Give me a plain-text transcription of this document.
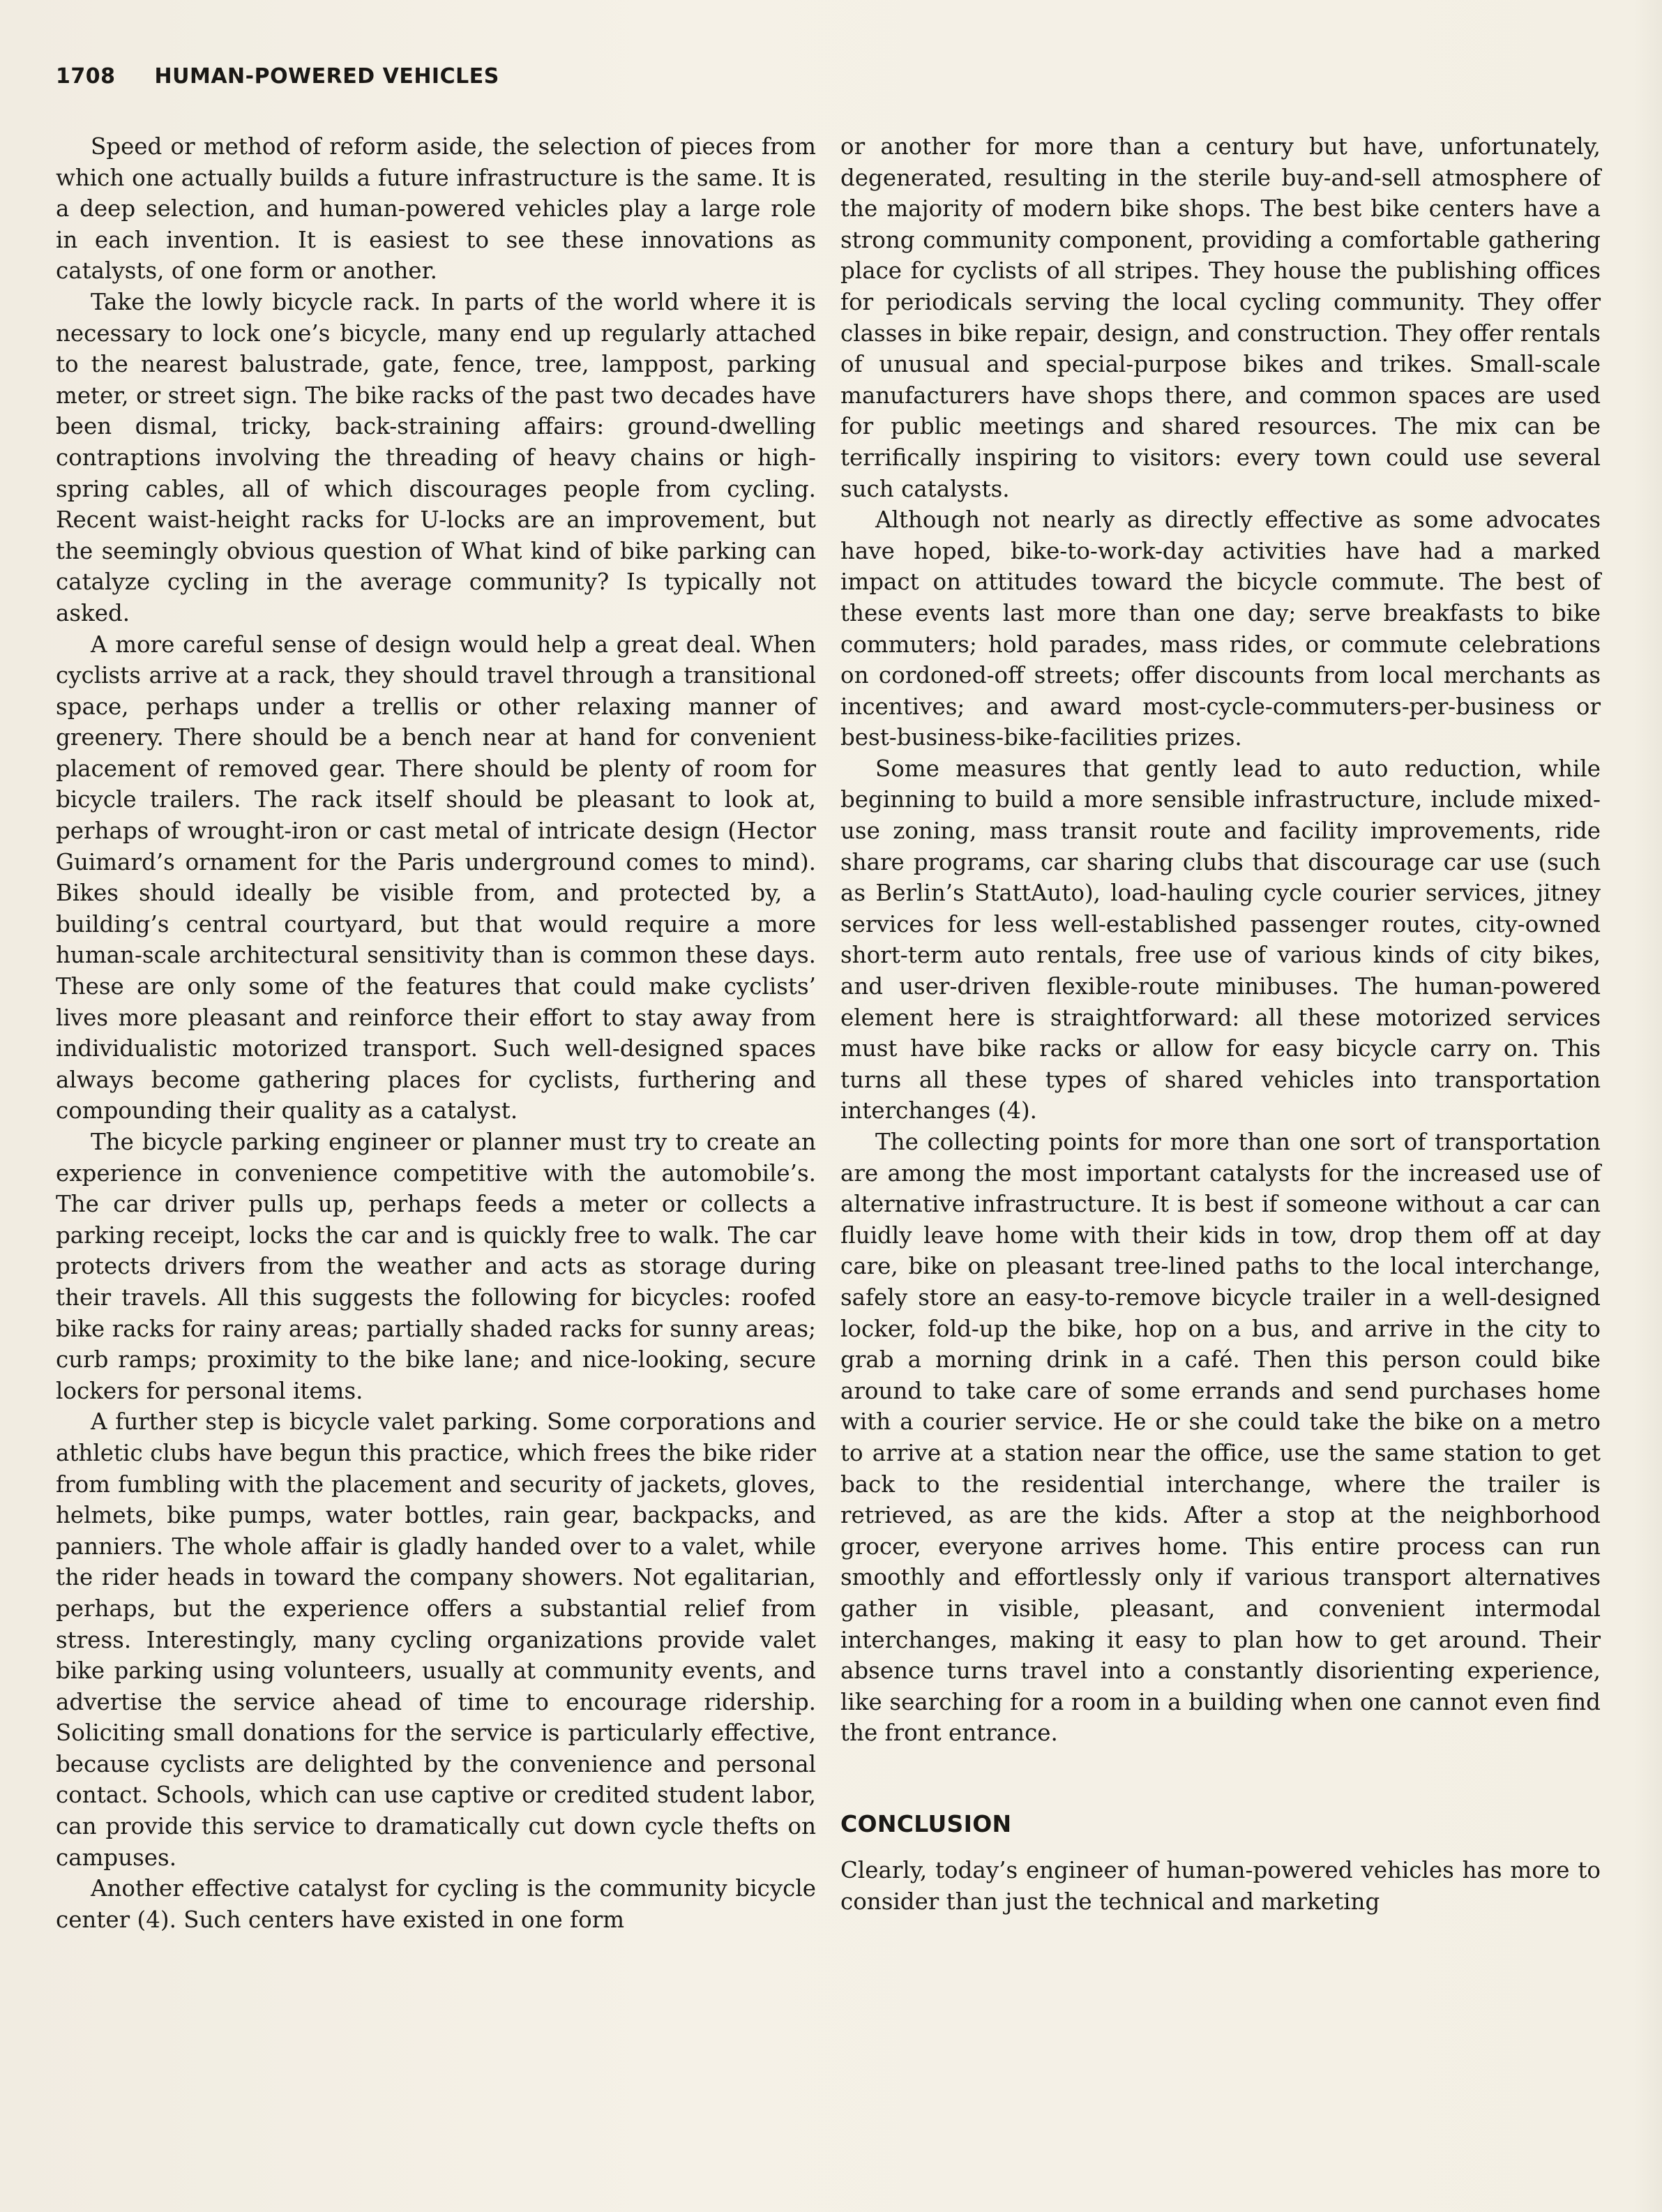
1708 HUMAN-POWERED VEHICLES

Speed or method of reform aside, the selection of pieces from which one actually builds a future infrastructure is the same. It is a deep selection, and human-powered vehicles play a large role in each invention. It is easiest to see these innovations as catalysts, of one form or another.

Take the lowly bicycle rack. In parts of the world where it is necessary to lock one’s bicycle, many end up regularly attached to the nearest balustrade, gate, fence, tree, lamppost, parking meter, or street sign. The bike racks of the past two decades have been dismal, tricky, back-straining affairs: ground-dwelling contraptions involving the threading of heavy chains or high-spring cables, all of which discourages people from cycling. Recent waist-height racks for U-locks are an improvement, but the seemingly obvious question of What kind of bike parking can catalyze cycling in the average community? Is typically not asked.

A more careful sense of design would help a great deal. When cyclists arrive at a rack, they should travel through a transitional space, perhaps under a trellis or other relaxing manner of greenery. There should be a bench near at hand for convenient placement of removed gear. There should be plenty of room for bicycle trailers. The rack itself should be pleasant to look at, perhaps of wrought-iron or cast metal of intricate design (Hector Guimard’s ornament for the Paris underground comes to mind). Bikes should ideally be visible from, and protected by, a building’s central courtyard, but that would require a more human-scale architectural sensitivity than is common these days. These are only some of the features that could make cyclists’ lives more pleasant and reinforce their effort to stay away from individualistic motorized transport. Such well-designed spaces always become gathering places for cyclists, furthering and compounding their quality as a catalyst.

The bicycle parking engineer or planner must try to create an experience in convenience competitive with the automobile’s. The car driver pulls up, perhaps feeds a meter or collects a parking receipt, locks the car and is quickly free to walk. The car protects drivers from the weather and acts as storage during their travels. All this suggests the following for bicycles: roofed bike racks for rainy areas; partially shaded racks for sunny areas; curb ramps; proximity to the bike lane; and nice-looking, secure lockers for personal items.

A further step is bicycle valet parking. Some corporations and athletic clubs have begun this practice, which frees the bike rider from fumbling with the placement and security of jackets, gloves, helmets, bike pumps, water bottles, rain gear, backpacks, and panniers. The whole affair is gladly handed over to a valet, while the rider heads in toward the company showers. Not egalitarian, perhaps, but the experience offers a substantial relief from stress. Interestingly, many cycling organizations provide valet bike parking using volunteers, usually at community events, and advertise the service ahead of time to encourage ridership. Soliciting small donations for the service is particularly effective, because cyclists are delighted by the convenience and personal contact. Schools, which can use captive or credited student labor, can provide this service to dramatically cut down cycle thefts on campuses.

Another effective catalyst for cycling is the community bicycle center (4). Such centers have existed in one form

or another for more than a century but have, unfortunately, degenerated, resulting in the sterile buy-and-sell atmosphere of the majority of modern bike shops. The best bike centers have a strong community component, providing a comfortable gathering place for cyclists of all stripes. They house the publishing offices for periodicals serving the local cycling community. They offer classes in bike repair, design, and construction. They offer rentals of unusual and special-purpose bikes and trikes. Small-scale manufacturers have shops there, and common spaces are used for public meetings and shared resources. The mix can be terrifically inspiring to visitors: every town could use several such catalysts.

Although not nearly as directly effective as some advocates have hoped, bike-to-work-day activities have had a marked impact on attitudes toward the bicycle commute. The best of these events last more than one day; serve breakfasts to bike commuters; hold parades, mass rides, or commute celebrations on cordoned-off streets; offer discounts from local merchants as incentives; and award most-cycle-commuters-per-business or best-business-bike-facilities prizes.

Some measures that gently lead to auto reduction, while beginning to build a more sensible infrastructure, include mixed-use zoning, mass transit route and facility improvements, ride share programs, car sharing clubs that discourage car use (such as Berlin’s StattAuto), load-hauling cycle courier services, jitney services for less well-established passenger routes, city-owned short-term auto rentals, free use of various kinds of city bikes, and user-driven flexible-route minibuses. The human-powered element here is straightforward: all these motorized services must have bike racks or allow for easy bicycle carry on. This turns all these types of shared vehicles into transportation interchanges (4).

The collecting points for more than one sort of transportation are among the most important catalysts for the increased use of alternative infrastructure. It is best if someone without a car can fluidly leave home with their kids in tow, drop them off at day care, bike on pleasant tree-lined paths to the local interchange, safely store an easy-to-remove bicycle trailer in a well-designed locker, fold-up the bike, hop on a bus, and arrive in the city to grab a morning drink in a café. Then this person could bike around to take care of some errands and send purchases home with a courier service. He or she could take the bike on a metro to arrive at a station near the office, use the same station to get back to the residential interchange, where the trailer is retrieved, as are the kids. After a stop at the neighborhood grocer, everyone arrives home. This entire process can run smoothly and effortlessly only if various transport alternatives gather in visible, pleasant, and convenient intermodal interchanges, making it easy to plan how to get around. Their absence turns travel into a constantly disorienting experience, like searching for a room in a building when one cannot even find the front entrance.

CONCLUSION

Clearly, today’s engineer of human-powered vehicles has more to consider than just the technical and marketing
